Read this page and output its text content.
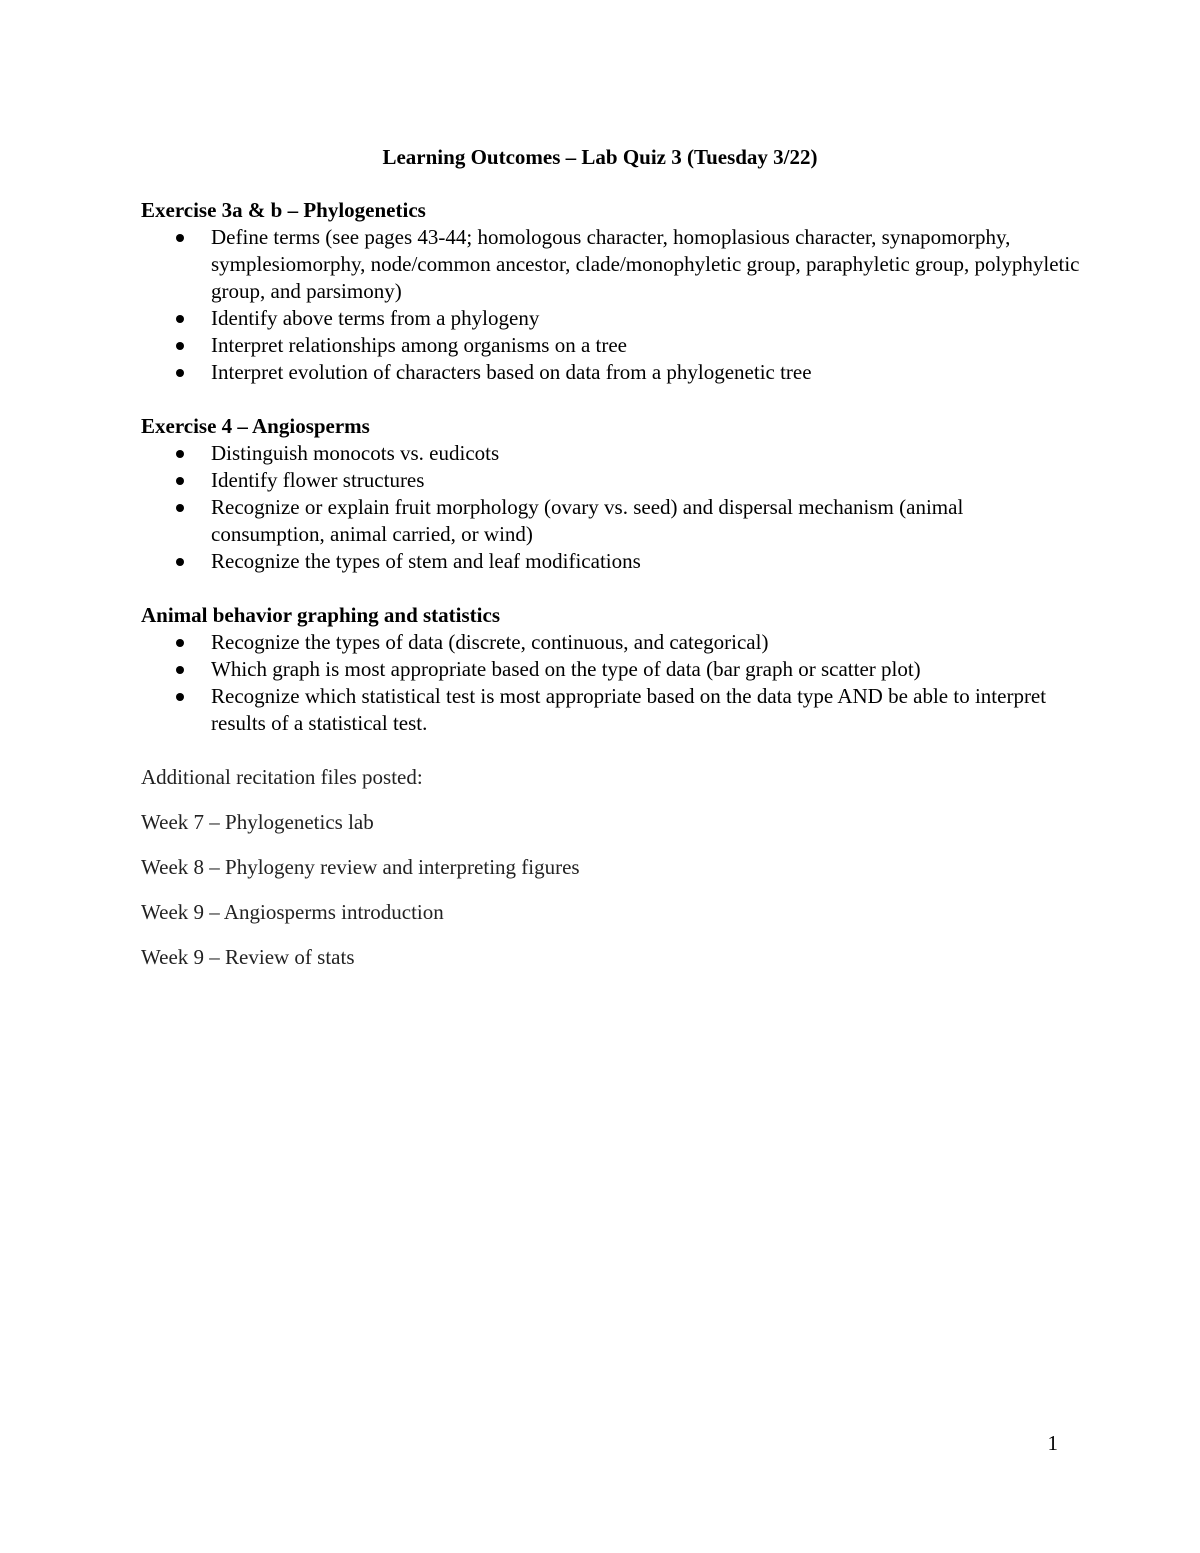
Learning Outcomes – Lab Quiz 3 (Tuesday 3/22)
Exercise 3a & b – Phylogenetics
Define terms (see pages 43-44; homologous character, homoplasious character, synapomorphy, symplesiomorphy, node/common ancestor, clade/monophyletic group, paraphyletic group, polyphyletic group, and parsimony)
Identify above terms from a phylogeny
Interpret relationships among organisms on a tree
Interpret evolution of characters based on data from a phylogenetic tree
Exercise 4 – Angiosperms
Distinguish monocots vs. eudicots
Identify flower structures
Recognize or explain fruit morphology (ovary vs. seed) and dispersal mechanism (animal consumption, animal carried, or wind)
Recognize the types of stem and leaf modifications
Animal behavior graphing and statistics
Recognize the types of data (discrete, continuous, and categorical)
Which graph is most appropriate based on the type of data (bar graph or scatter plot)
Recognize which statistical test is most appropriate based on the data type AND be able to interpret results of a statistical test.
Additional recitation files posted:
Week 7 – Phylogenetics lab
Week 8 – Phylogeny review and interpreting figures
Week 9 – Angiosperms introduction
Week 9 – Review of stats
1
